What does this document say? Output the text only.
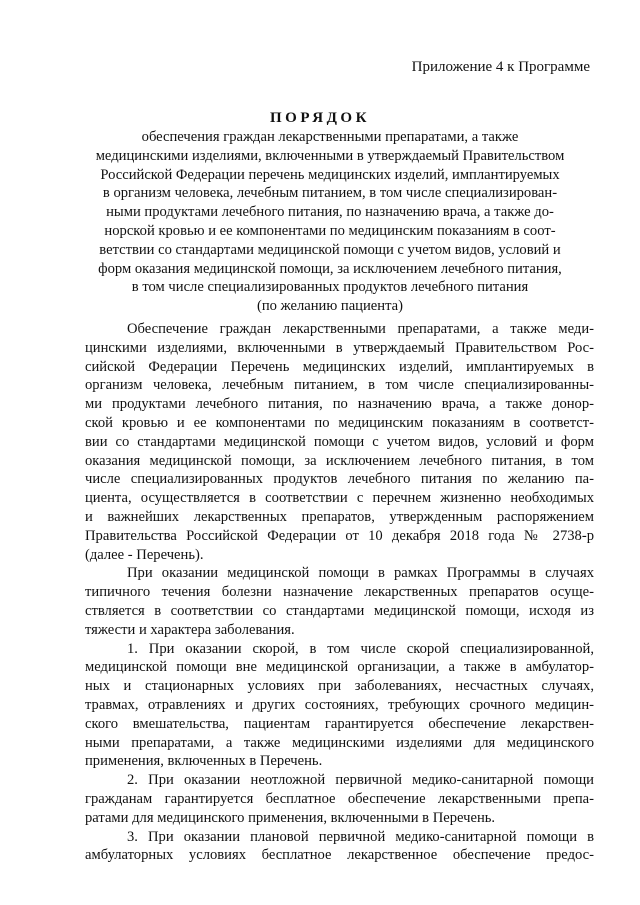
Приложение 4 к Программе
ПОРЯДОК
обеспечения граждан лекарственными препаратами, а также
медицинскими изделиями, включенными в утверждаемый Правительством
Российской Федерации перечень медицинских изделий, имплантируемых
в организм человека, лечебным питанием, в том числе специализирован-
ными продуктами лечебного питания, по назначению врача, а также до-
норской кровью и ее компонентами по медицинским показаниям в соот-
ветствии со стандартами медицинской помощи с учетом видов, условий и
форм оказания медицинской помощи, за исключением лечебного питания,
в том числе специализированных продуктов лечебного питания
(по желанию пациента)

Обеспечение граждан лекарственными препаратами, а также меди-
цинскими изделиями, включенными в утверждаемый Правительством Рос-
сийской Федерации Перечень медицинских изделий, имплантируемых в
организм человека, лечебным питанием, в том числе специализированны-
ми продуктами лечебного питания, по назначению врача, а также донор-
ской кровью и ее компонентами по медицинским показаниям в соответст-
вии со стандартами медицинской помощи с учетом видов, условий и форм
оказания медицинской помощи, за исключением лечебного питания, в том
числе специализированных продуктов лечебного питания по желанию па-
циента, осуществляется в соответствии с перечнем жизненно необходимых
и важнейших лекарственных препаратов, утвержденным распоряжением
Правительства Российской Федерации от 10 декабря 2018 года № 2738-р
(далее - Перечень).

При оказании медицинской помощи в рамках Программы в случаях
типичного течения болезни назначение лекарственных препаратов осуще-
ствляется в соответствии со стандартами медицинской помощи, исходя из
тяжести и характера заболевания.

1. При оказании скорой, в том числе скорой специализированной,
медицинской помощи вне медицинской организации, а также в амбулатор-
ных и стационарных условиях при заболеваниях, несчастных случаях,
травмах, отравлениях и других состояниях, требующих срочного медицин-
ского вмешательства, пациентам гарантируется обеспечение лекарствен-
ными препаратами, а также медицинскими изделиями для медицинского
применения, включенных в Перечень.

2. При оказании неотложной первичной медико-санитарной помощи
гражданам гарантируется бесплатное обеспечение лекарственными препа-
ратами для медицинского применения, включенными в Перечень.

3. При оказании плановой первичной медико-санитарной помощи в
амбулаторных условиях бесплатное лекарственное обеспечение предос-
